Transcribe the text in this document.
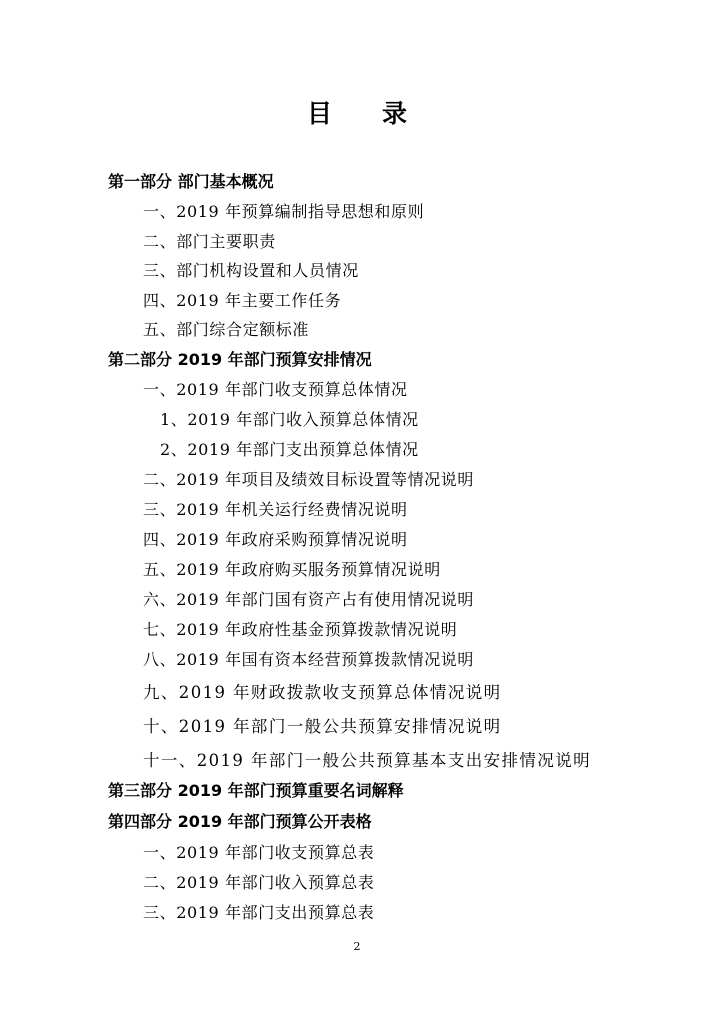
目录
第一部分 部门基本概况
一、2019 年预算编制指导思想和原则
二、部门主要职责
三、部门机构设置和人员情况
四、2019 年主要工作任务
五、部门综合定额标准
第二部分 2019 年部门预算安排情况
一、2019 年部门收支预算总体情况
1、2019 年部门收入预算总体情况
2、2019 年部门支出预算总体情况
二、2019 年项目及绩效目标设置等情况说明
三、2019 年机关运行经费情况说明
四、2019 年政府采购预算情况说明
五、2019 年政府购买服务预算情况说明
六、2019 年部门国有资产占有使用情况说明
七、2019 年政府性基金预算拨款情况说明
八、2019 年国有资本经营预算拨款情况说明
九、2019 年财政拨款收支预算总体情况说明
十、2019 年部门一般公共预算安排情况说明
十一、2019 年部门一般公共预算基本支出安排情况说明
第三部分 2019 年部门预算重要名词解释
第四部分 2019 年部门预算公开表格
一、2019 年部门收支预算总表
二、2019 年部门收入预算总表
三、2019 年部门支出预算总表
2
